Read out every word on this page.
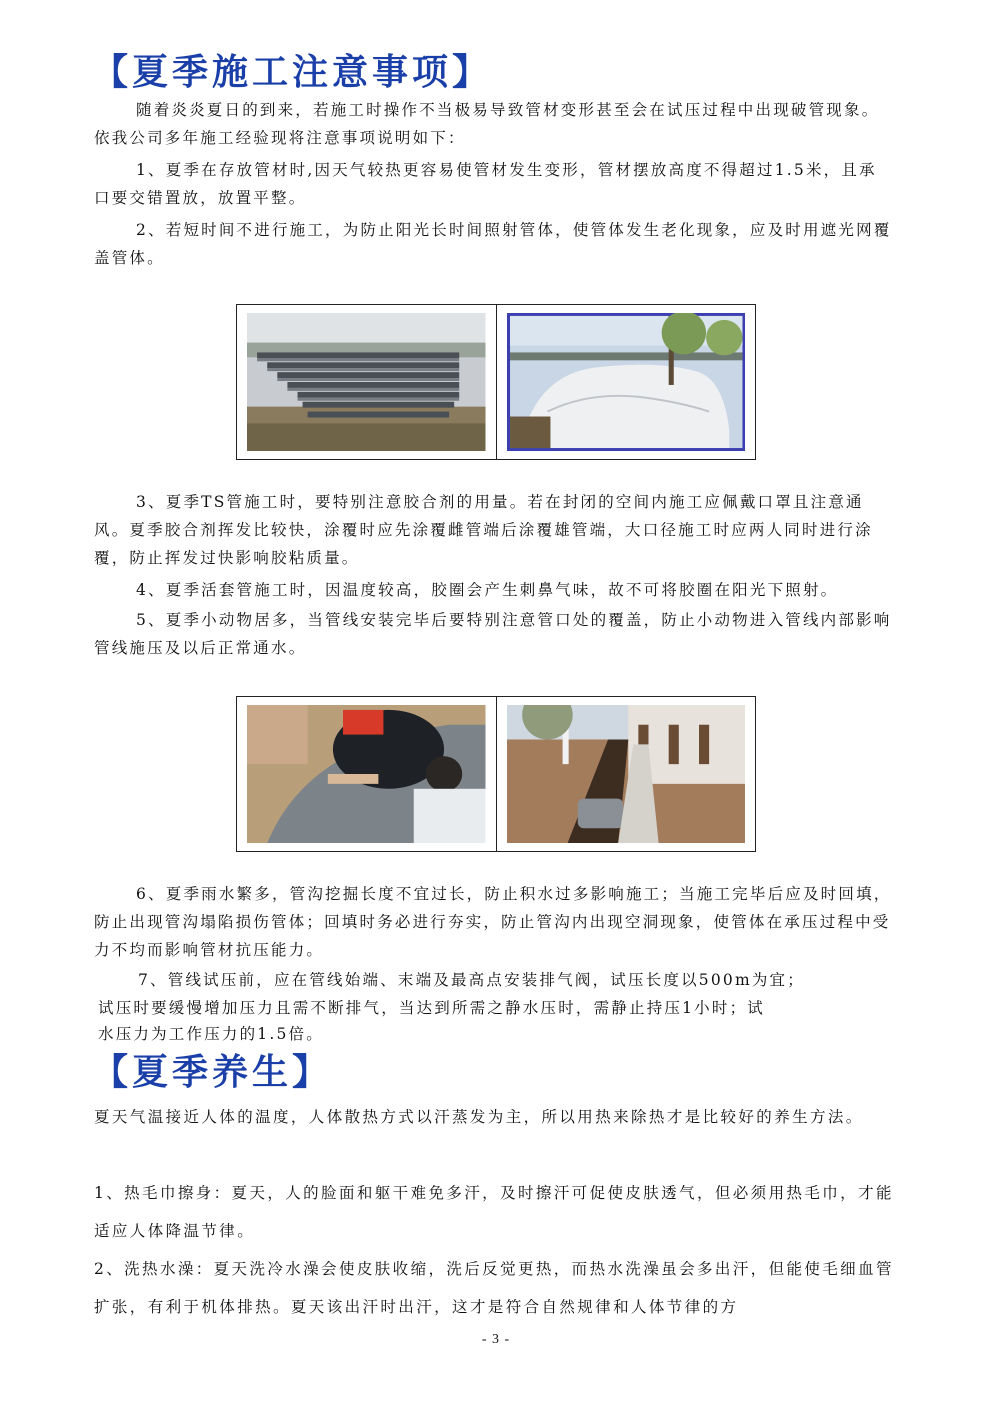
【夏季施工注意事项】

随着炎炎夏日的到来，若施工时操作不当极易导致管材变形甚至会在试压过程中出现破管现象。依我公司多年施工经验现将注意事项说明如下：

1、夏季在存放管材时,因天气较热更容易使管材发生变形，管材摆放高度不得超过1.5米，且承口要交错置放，放置平整。

2、若短时间不进行施工，为防止阳光长时间照射管体，使管体发生老化现象，应及时用遮光网覆盖管体。

3、夏季TS管施工时，要特别注意胶合剂的用量。若在封闭的空间内施工应佩戴口罩且注意通风。夏季胶合剂挥发比较快，涂覆时应先涂覆雌管端后涂覆雄管端，大口径施工时应两人同时进行涂覆，防止挥发过快影响胶粘质量。

4、夏季活套管施工时，因温度较高，胶圈会产生刺鼻气味，故不可将胶圈在阳光下照射。

5、夏季小动物居多，当管线安装完毕后要特别注意管口处的覆盖，防止小动物进入管线内部影响管线施压及以后正常通水。

6、夏季雨水繁多，管沟挖掘长度不宜过长，防止积水过多影响施工；当施工完毕后应及时回填，防止出现管沟塌陷损伤管体；回填时务必进行夯实，防止管沟内出现空洞现象，使管体在承压过程中受力不均而影响管材抗压能力。

7、管线试压前，应在管线始端、末端及最高点安装排气阀，试压长度以500m为宜；

试压时要缓慢增加压力且需不断排气，当达到所需之静水压时，需静止持压1小时；试

水压力为工作压力的1.5倍。

【夏季养生】

夏天气温接近人体的温度，人体散热方式以汗蒸发为主，所以用热来除热才是比较好的养生方法。

1、热毛巾擦身：夏天，人的脸面和躯干难免多汗，及时擦汗可促使皮肤透气，但必须用热毛巾，才能适应人体降温节律。

2、洗热水澡：夏天洗冷水澡会使皮肤收缩，洗后反觉更热，而热水洗澡虽会多出汗，但能使毛细血管扩张，有利于机体排热。夏天该出汗时出汗，这才是符合自然规律和人体节律的方

- 3 -
